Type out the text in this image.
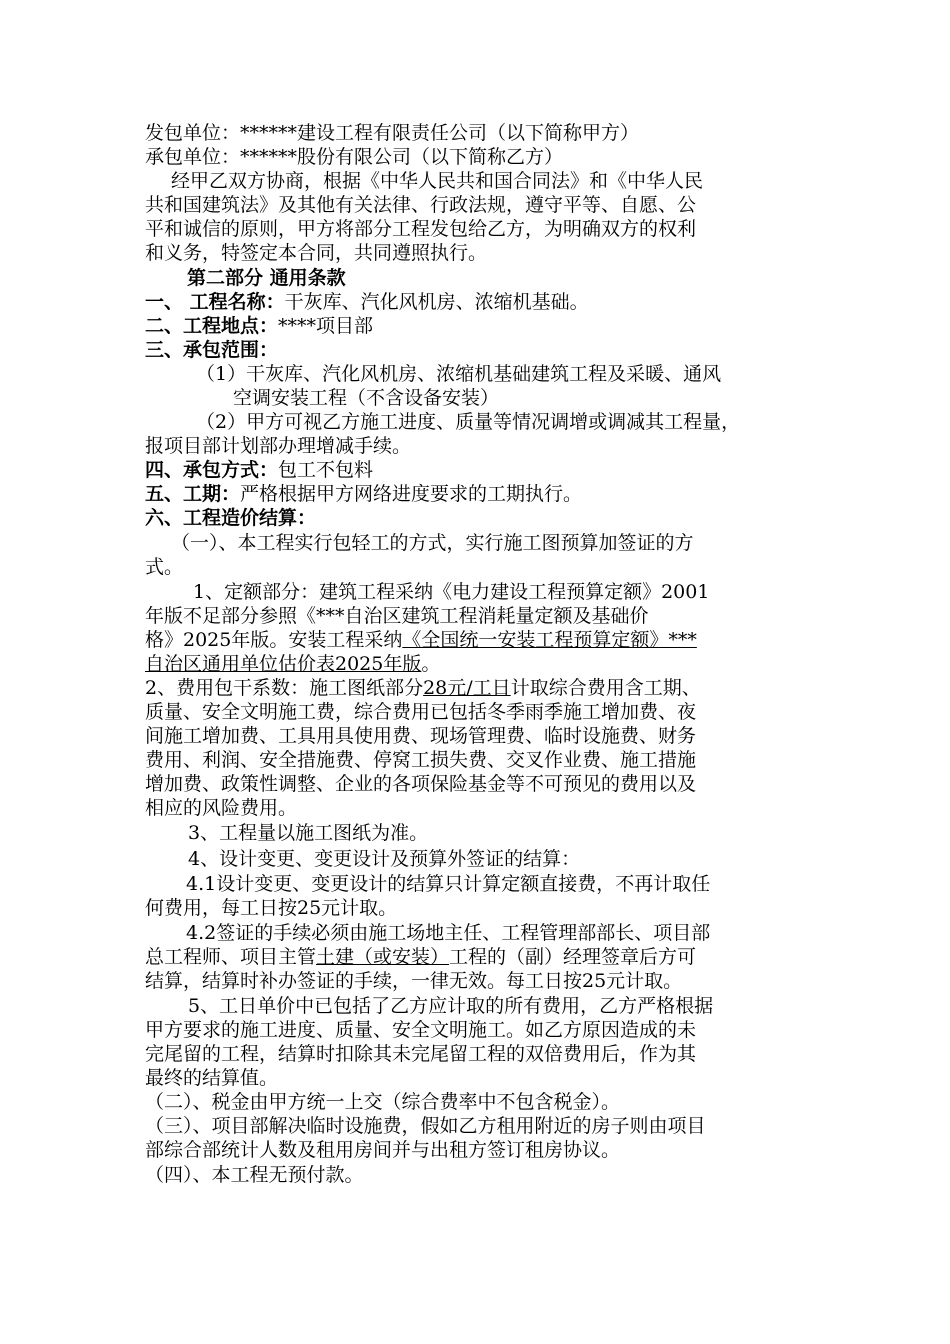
发包单位：******建设工程有限责任公司（以下简称甲方）
承包单位：******股份有限公司（以下简称乙方）
经甲乙双方协商，根据《中华人民共和国合同法》和《中华人民
共和国建筑法》及其他有关法律、行政法规，遵守平等、自愿、公
平和诚信的原则，甲方将部分工程发包给乙方，为明确双方的权利
和义务，特签定本合同，共同遵照执行。
第二部分 通用条款
一、 工程名称：干灰库、汽化风机房、浓缩机基础。
二、工程地点：****项目部
三、承包范围：
（1）干灰库、汽化风机房、浓缩机基础建筑工程及采暖、通风
空调安装工程（不含设备安装）
（2）甲方可视乙方施工进度、质量等情况调增或调减其工程量，
报项目部计划部办理增减手续。
四、承包方式：包工不包料
五、工期：严格根据甲方网络进度要求的工期执行。
六、工程造价结算：
（一）、本工程实行包轻工的方式，实行施工图预算加签证的方
式。
1、定额部分：建筑工程采纳《电力建设工程预算定额》2001
年版不足部分参照《***自治区建筑工程消耗量定额及基础价
格》2025年版。安装工程采纳《全国统一安装工程预算定额》***
自治区通用单位估价表2025年版。
2、费用包干系数：施工图纸部分28元/工日计取综合费用含工期、
质量、安全文明施工费，综合费用已包括冬季雨季施工增加费、夜
间施工增加费、工具用具使用费、现场管理费、临时设施费、财务
费用、利润、安全措施费、停窝工损失费、交叉作业费、施工措施
增加费、政策性调整、企业的各项保险基金等不可预见的费用以及
相应的风险费用。
3、工程量以施工图纸为准。
4、设计变更、变更设计及预算外签证的结算：
4.1设计变更、变更设计的结算只计算定额直接费，不再计取任
何费用，每工日按25元计取。
4.2签证的手续必须由施工场地主任、工程管理部部长、项目部
总工程师、项目主管土建（或安装）工程的（副）经理签章后方可
结算，结算时补办签证的手续，一律无效。每工日按25元计取。
5、工日单价中已包括了乙方应计取的所有费用，乙方严格根据
甲方要求的施工进度、质量、安全文明施工。如乙方原因造成的未
完尾留的工程，结算时扣除其未完尾留工程的双倍费用后，作为其
最终的结算值。
（二）、税金由甲方统一上交（综合费率中不包含税金）。
（三）、项目部解决临时设施费，假如乙方租用附近的房子则由项目
部综合部统计人数及租用房间并与出租方签订租房协议。
（四）、本工程无预付款。
